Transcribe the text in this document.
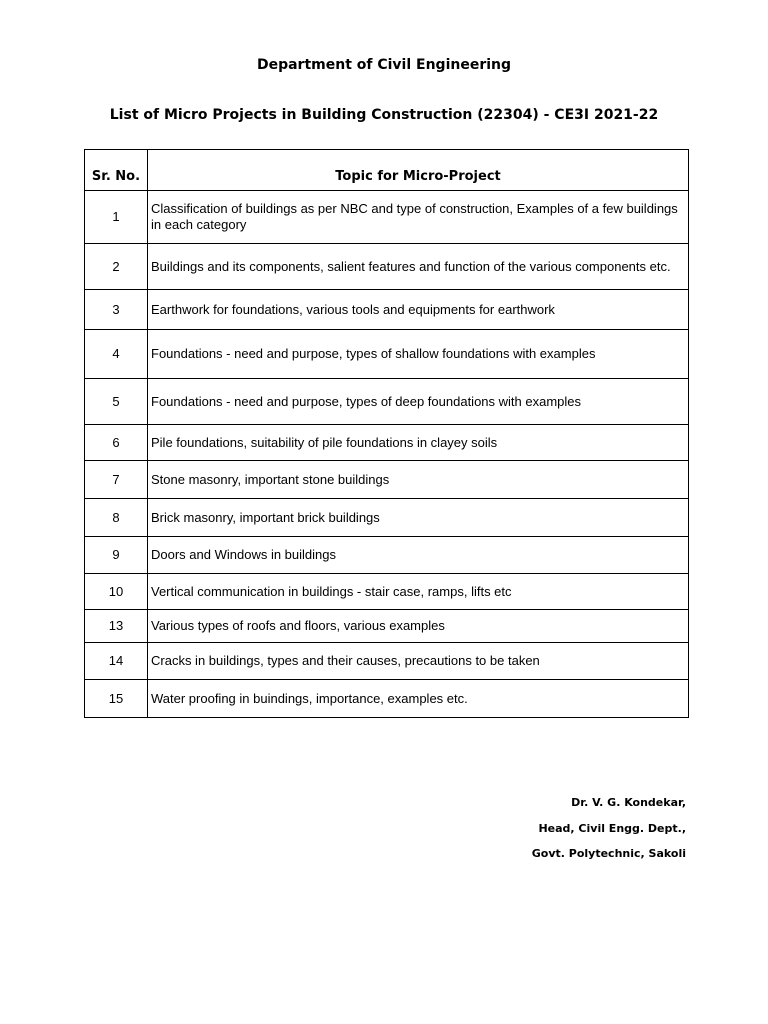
Department of Civil Engineering
List of Micro Projects in Building Construction (22304) - CE3I 2021-22
Sr. No.	Topic for Micro-Project
1	Classification of buildings as per NBC and type of construction, Examples of a few buildings in each category
2	Buildings and its components, salient features and function of the various components etc.
3	Earthwork for foundations, various tools and equipments for earthwork
4	Foundations - need and purpose, types of shallow foundations with examples
5	Foundations - need and purpose, types of deep foundations with examples
6	Pile foundations, suitability of pile foundations in clayey soils
7	Stone masonry, important stone buildings
8	Brick masonry, important brick buildings
9	Doors and Windows in buildings
10	Vertical communication in buildings - stair case, ramps, lifts etc
13	Various types of roofs and floors, various examples
14	Cracks in buildings, types and their causes, precautions to be taken
15	Water proofing in buindings, importance, examples etc.

Dr. V. G. Kondekar,

Head, Civil Engg. Dept.,

Govt. Polytechnic, Sakoli
